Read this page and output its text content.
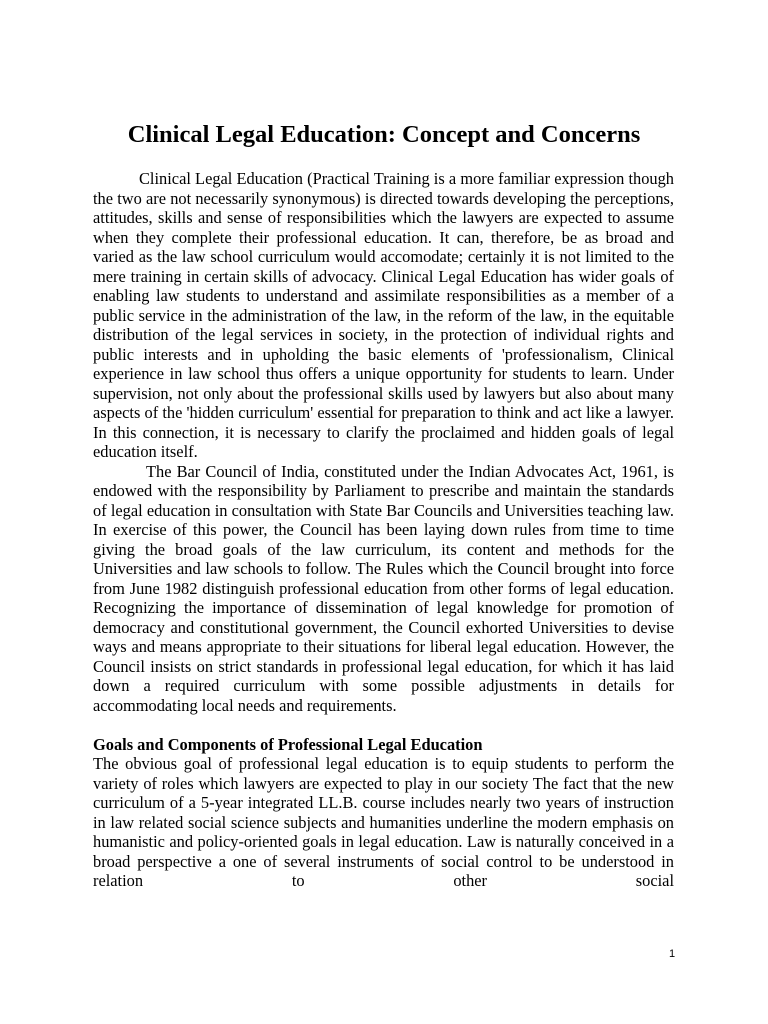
Clinical Legal Education: Concept and Concerns

Clinical Legal Education (Practical Training is a more familiar expression though the two are not necessarily synonymous) is directed towards developing the perceptions, attitudes, skills and sense of responsibilities which the lawyers are expected to assume when they complete their professional education. It can, therefore, be as broad and varied as the law school curriculum would accomodate; certainly it is not limited to the mere training in certain skills of advocacy. Clinical Legal Education has wider goals of enabling law students to understand and assimilate responsibilities as a member of a public service in the administration of the law, in the reform of the law, in the equitable distribution of the legal services in society, in the protection of individual rights and public interests and in upholding the basic elements of 'professionalism, Clinical experience in law school thus offers a unique opportunity for students to learn. Under supervision, not only about the professional skills used by lawyers but also about many aspects of the 'hidden curriculum' essential for preparation to think and act like a lawyer. In this connection, it is necessary to clarify the proclaimed and hidden goals of legal education itself.

The Bar Council of India, constituted under the Indian Advocates Act, 1961, is endowed with the responsibility by Parliament to prescribe and maintain the standards of legal education in consultation with State Bar Councils and Universities teaching law. In exercise of this power, the Council has been laying down rules from time to time giving the broad goals of the law curriculum, its content and methods for the Universities and law schools to follow. The Rules which the Council brought into force from June 1982 distinguish professional education from other forms of legal education. Recognizing the importance of dissemination of legal knowledge for promotion of democracy and constitutional government, the Council exhorted Universities to devise ways and means appropriate to their situations for liberal legal education. However, the Council insists on strict standards in professional legal education, for which it has laid down a required curriculum with some possible adjustments in details for accommodating local needs and requirements.

Goals and Components of Professional Legal Education

The obvious goal of professional legal education is to equip students to perform the variety of roles which lawyers are expected to play in our society The fact that the new curriculum of a 5-year integrated LL.B. course includes nearly two years of instruction in law related social science subjects and humanities underline the modern emphasis on humanistic and policy-oriented goals in legal education. Law is naturally conceived in a broad perspective a one of several instruments of social control to be understood in relation to other social

1
